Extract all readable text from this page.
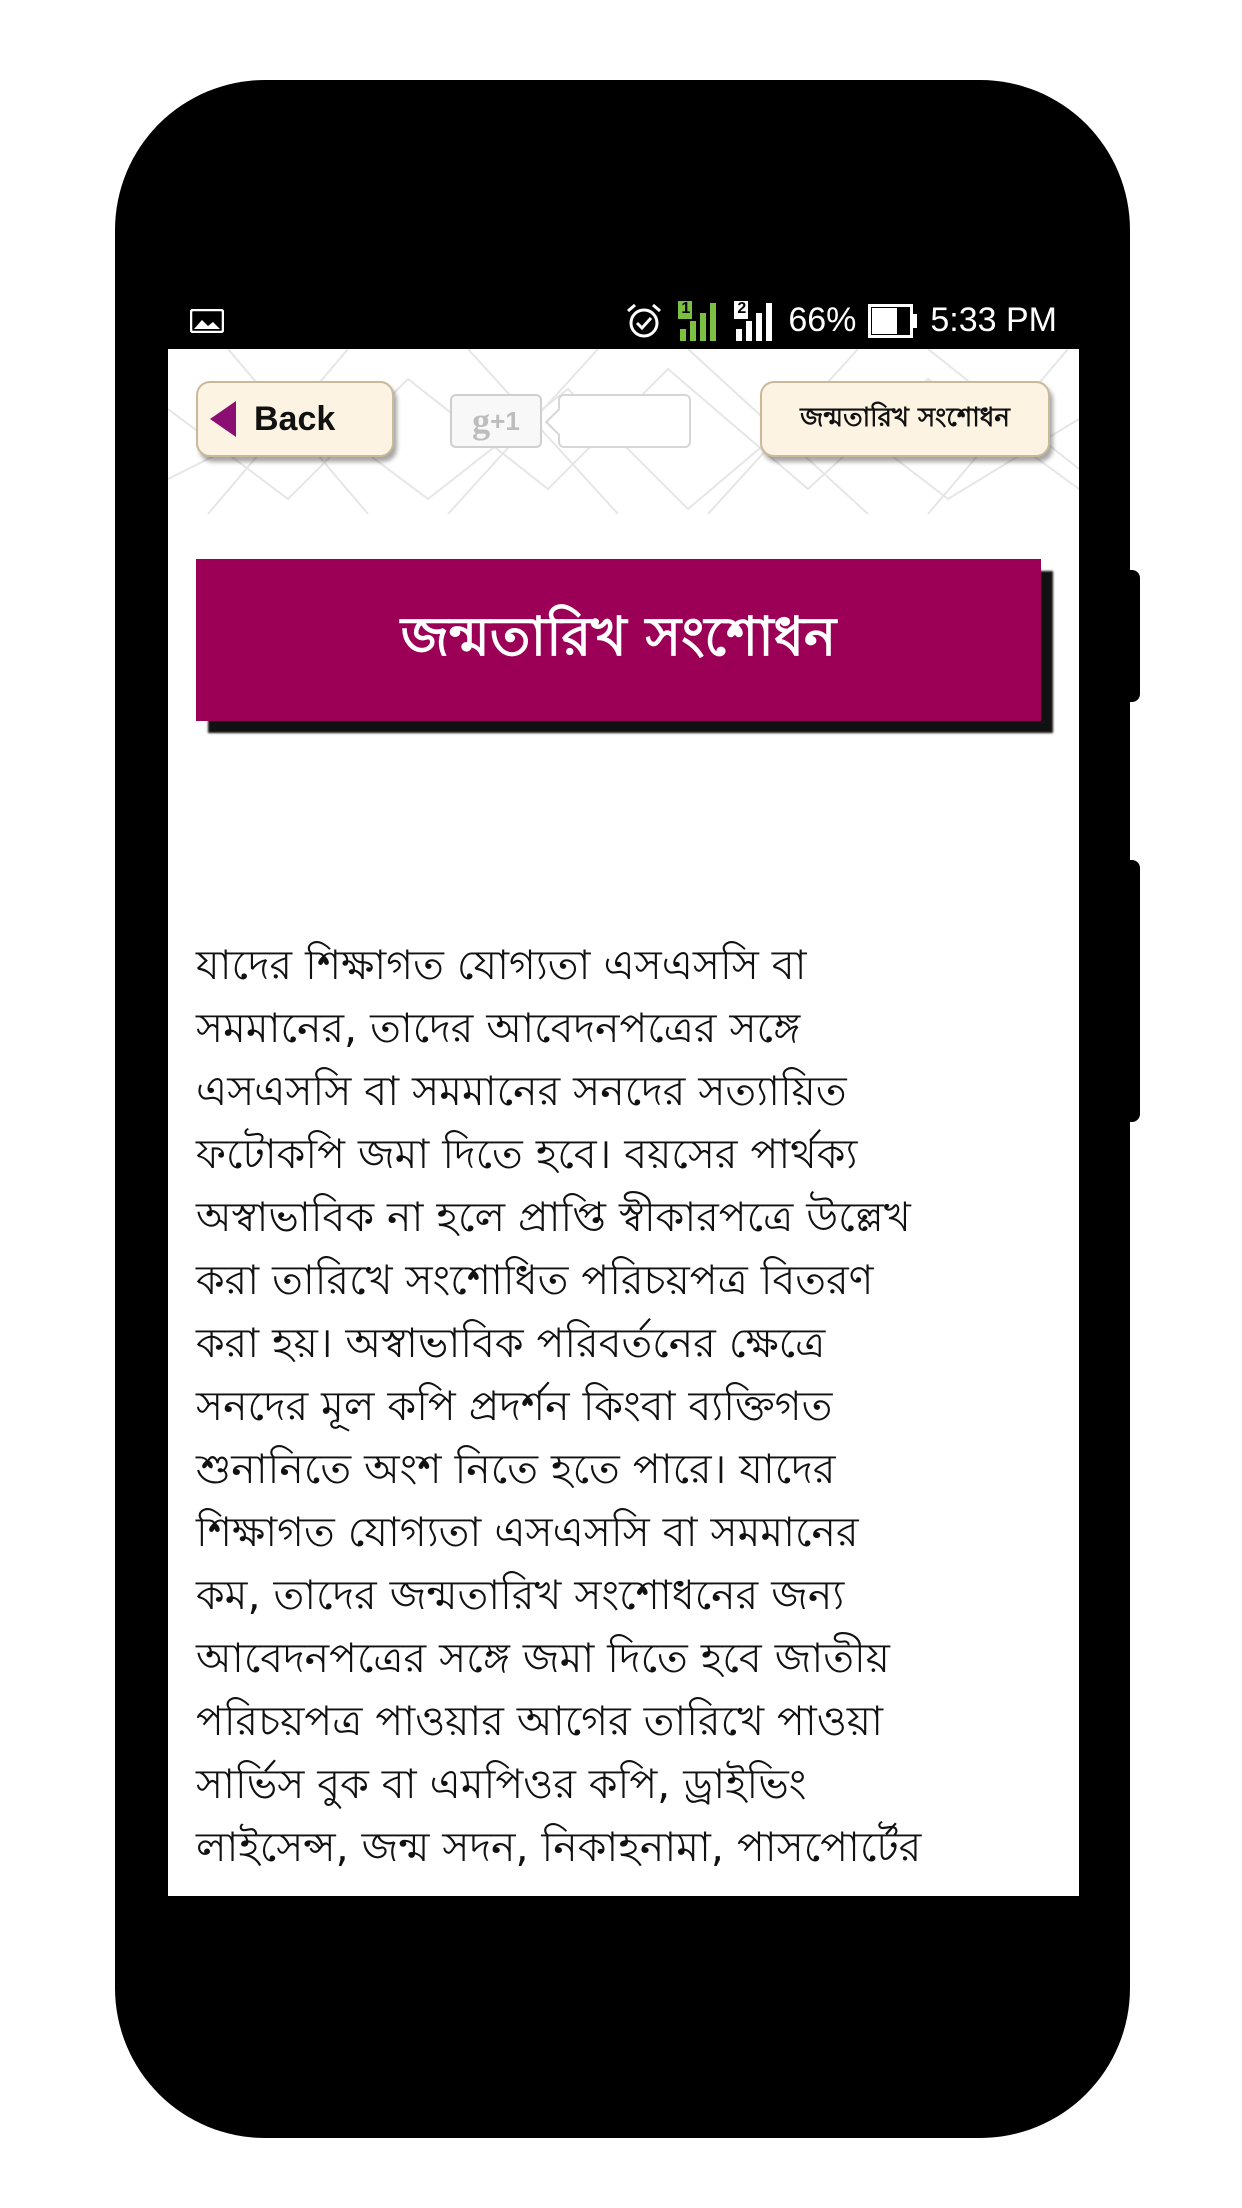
1	2 66% 5:33 PM
Back	g +1	জন্মতারিখ সংশোধন
জন্মতারিখ সংশোধন

যাদের শিক্ষাগত যোগ্যতা এসএসসি বা
সমমানের, তাদের আবেদনপত্রের সঙ্গে
এসএসসি বা সমমানের সনদের সত্যায়িত
ফটোকপি জমা দিতে হবে। বয়সের পার্থক্য
অস্বাভাবিক না হলে প্রাপ্তি স্বীকারপত্রে উল্লেখ
করা তারিখে সংশোধিত পরিচয়পত্র বিতরণ
করা হয়। অস্বাভাবিক পরিবর্তনের ক্ষেত্রে
সনদের মূল কপি প্রদর্শন কিংবা ব্যক্তিগত
শুনানিতে অংশ নিতে হতে পারে। যাদের
শিক্ষাগত যোগ্যতা এসএসসি বা সমমানের
কম, তাদের জন্মতারিখ সংশোধনের জন্য
আবেদনপত্রের সঙ্গে জমা দিতে হবে জাতীয়
পরিচয়পত্র পাওয়ার আগের তারিখে পাওয়া
সার্ভিস বুক বা এমপিওর কপি, ড্রাইভিং
লাইসেন্স, জন্ম সদন, নিকাহনামা, পাসপোর্টের
